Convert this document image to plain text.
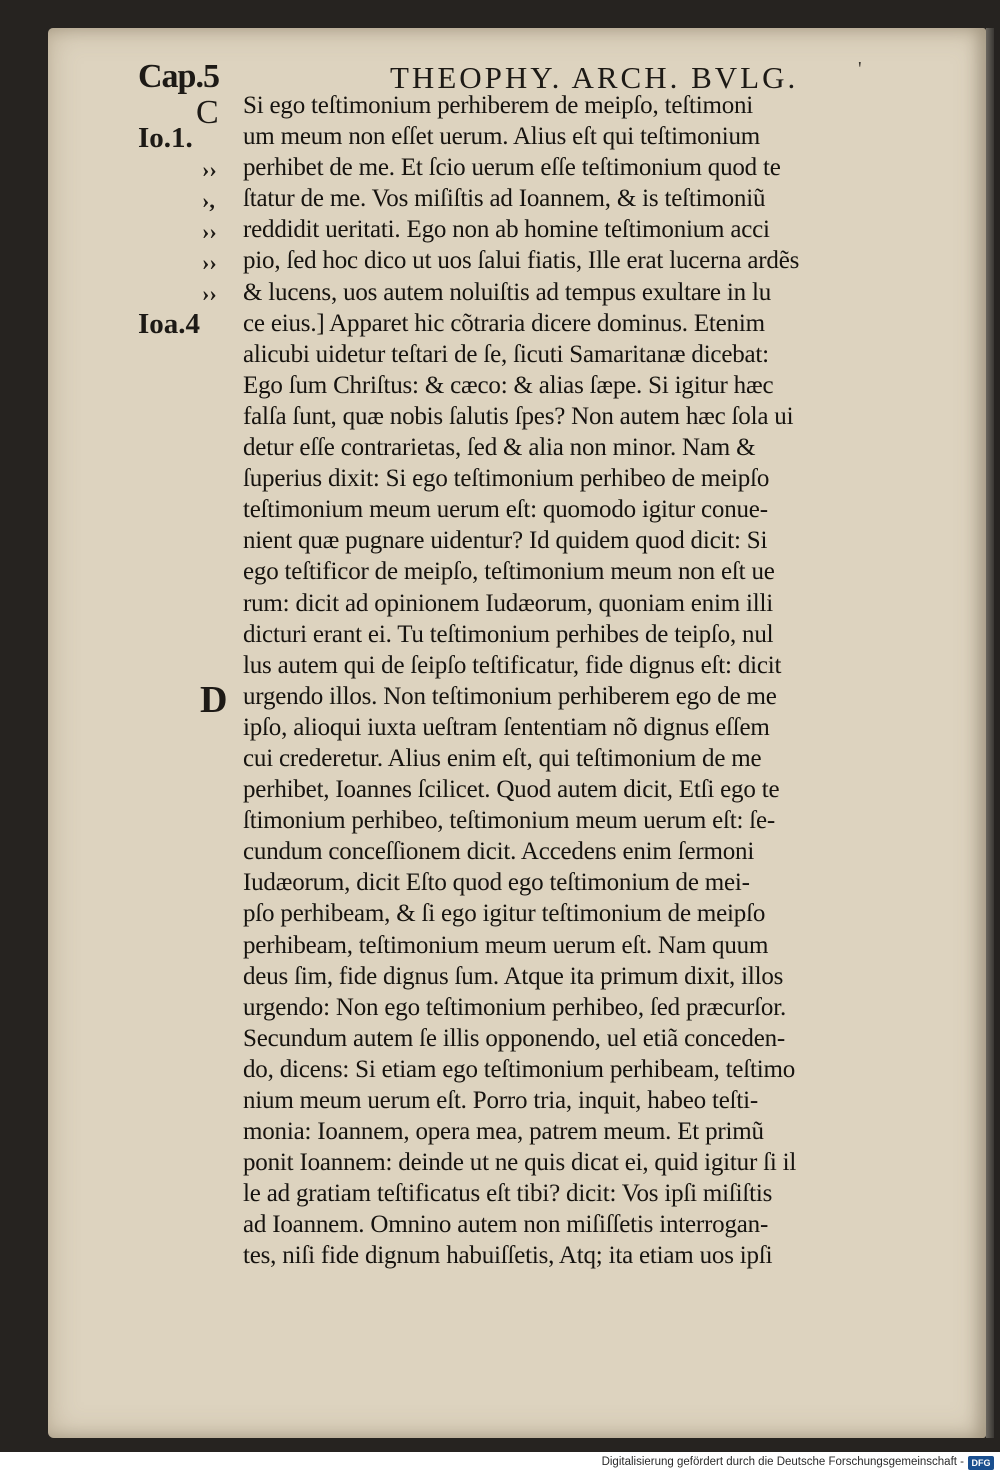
Cap.5	THEOPHY. ARCH. BVLG.	'
C
D
Io.1.
››
›,
››
››
››
Ioa.4
Si ego teſtimonium perhiberem de meipſo, teſtimoni
um meum non eſſet uerum. Alius eſt qui teſtimonium
perhibet de me. Et ſcio uerum eſſe teſtimonium quod te
ſtatur de me. Vos miſiſtis ad Ioannem, & is teſtimoniũ
reddidit ueritati. Ego non ab homine teſtimonium acci
pio, ſed hoc dico ut uos ſalui fiatis, Ille erat lucerna ardẽs
& lucens, uos autem noluiſtis ad tempus exultare in lu
ce eius.] Apparet hic cõtraria dicere dominus. Etenim
alicubi uidetur teſtari de ſe, ſicuti Samaritanæ dicebat:
Ego ſum Chriſtus: & cæco: & alias ſæpe. Si igitur hæc
falſa ſunt, quæ nobis ſalutis ſpes? Non autem hæc ſola ui
detur eſſe contrarietas, ſed & alia non minor. Nam &
ſuperius dixit: Si ego teſtimonium perhibeo de meipſo
teſtimonium meum uerum eſt: quomodo igitur conue-
nient quæ pugnare uidentur? Id quidem quod dicit: Si
ego teſtificor de meipſo, teſtimonium meum non eſt ue
rum: dicit ad opinionem Iudæorum, quoniam enim illi
dicturi erant ei. Tu teſtimonium perhibes de teipſo, nul
lus autem qui de ſeipſo teſtificatur, fide dignus eſt: dicit
urgendo illos. Non teſtimonium perhiberem ego de me
ipſo, alioqui iuxta ueſtram ſententiam nõ dignus eſſem
cui crederetur. Alius enim eſt, qui teſtimonium de me
perhibet, Ioannes ſcilicet. Quod autem dicit, Etſi ego te
ſtimonium perhibeo, teſtimonium meum uerum eſt: ſe-
cundum conceſſionem dicit. Accedens enim ſermoni
Iudæorum, dicit Eſto quod ego teſtimonium de mei-
pſo perhibeam, & ſi ego igitur teſtimonium de meipſo
perhibeam, teſtimonium meum uerum eſt. Nam quum
deus ſim, fide dignus ſum. Atque ita primum dixit, illos
urgendo: Non ego teſtimonium perhibeo, ſed præcurſor.
Secundum autem ſe illis opponendo, uel etiã conceden-
do, dicens: Si etiam ego teſtimonium perhibeam, teſtimo
nium meum uerum eſt. Porro tria, inquit, habeo teſti-
monia: Ioannem, opera mea, patrem meum. Et primũ
ponit Ioannem: deinde ut ne quis dicat ei, quid igitur ſi il
le ad gratiam teſtificatus eſt tibi? dicit: Vos ipſi miſiſtis
ad Ioannem. Omnino autem non miſiſſetis interrogan-
tes, niſi fide dignum habuiſſetis, Atq; ita etiam uos ipſi
Digitalisierung gefördert durch die Deutsche Forschungsgemeinschaft - DFG
